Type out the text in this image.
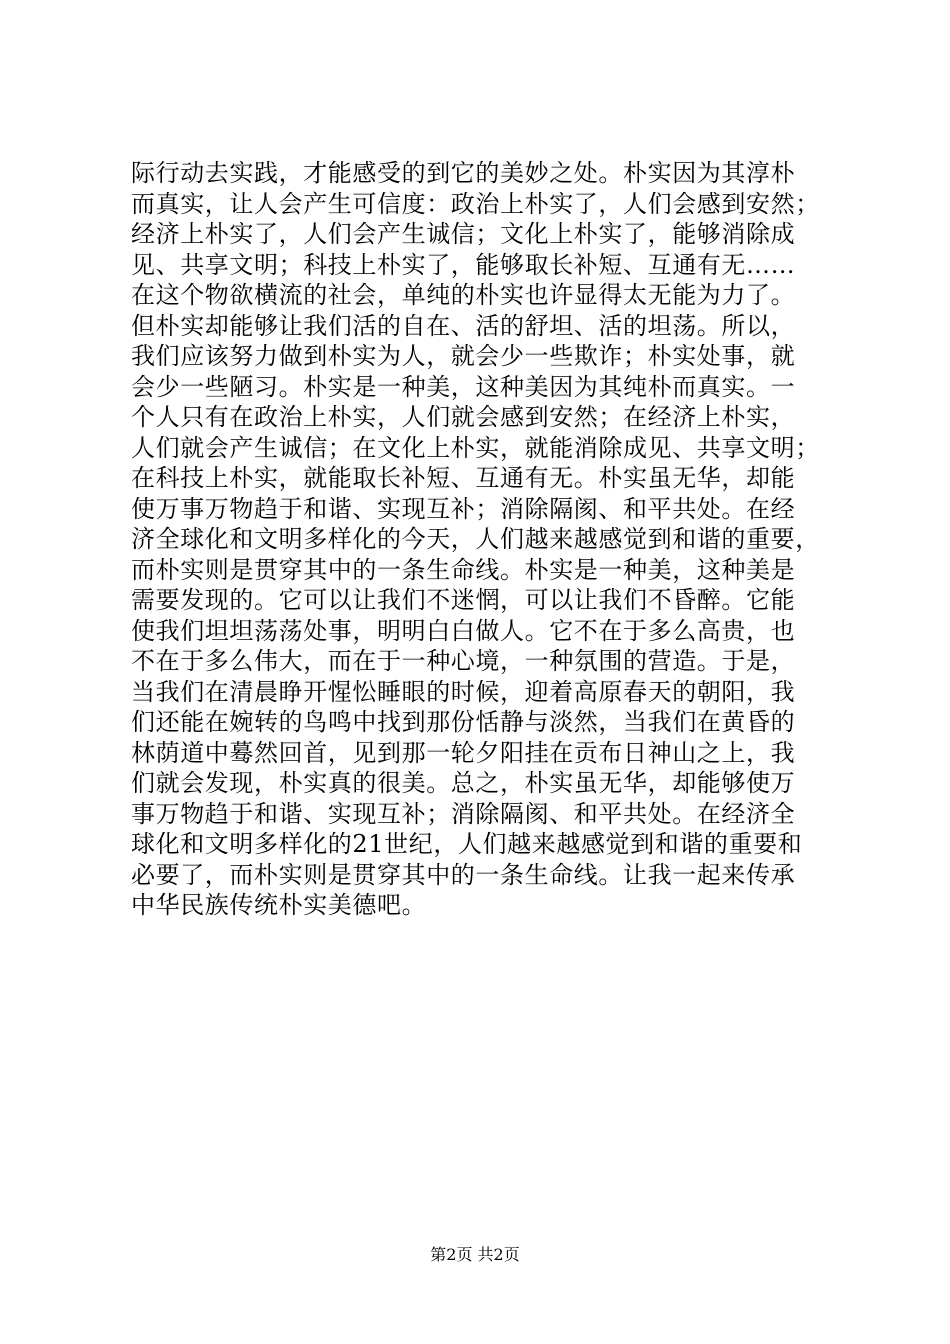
际行动去实践，才能感受的到它的美妙之处。朴实因为其淳朴
而真实，让人会产生可信度：政治上朴实了，人们会感到安然；
经济上朴实了，人们会产生诚信；文化上朴实了，能够消除成
见、共享文明；科技上朴实了，能够取长补短、互通有无……
在这个物欲横流的社会，单纯的朴实也许显得太无能为力了。
但朴实却能够让我们活的自在、活的舒坦、活的坦荡。所以，
我们应该努力做到朴实为人，就会少一些欺诈；朴实处事，就
会少一些陋习。朴实是一种美，这种美因为其纯朴而真实。一
个人只有在政治上朴实，人们就会感到安然；在经济上朴实，
人们就会产生诚信；在文化上朴实，就能消除成见、共享文明；
在科技上朴实，就能取长补短、互通有无。朴实虽无华，却能
使万事万物趋于和谐、实现互补；消除隔阂、和平共处。在经
济全球化和文明多样化的今天，人们越来越感觉到和谐的重要，
而朴实则是贯穿其中的一条生命线。朴实是一种美，这种美是
需要发现的。它可以让我们不迷惘，可以让我们不昏醉。它能
使我们坦坦荡荡处事，明明白白做人。它不在于多么高贵，也
不在于多么伟大，而在于一种心境，一种氛围的营造。于是，
当我们在清晨睁开惺忪睡眼的时候，迎着高原春天的朝阳，我
们还能在婉转的鸟鸣中找到那份恬静与淡然，当我们在黄昏的
林荫道中蓦然回首，见到那一轮夕阳挂在贡布日神山之上，我
们就会发现，朴实真的很美。总之，朴实虽无华，却能够使万
事万物趋于和谐、实现互补；消除隔阂、和平共处。在经济全
球化和文明多样化的21世纪，人们越来越感觉到和谐的重要和
必要了，而朴实则是贯穿其中的一条生命线。让我一起来传承
中华民族传统朴实美德吧。
第2页 共2页
